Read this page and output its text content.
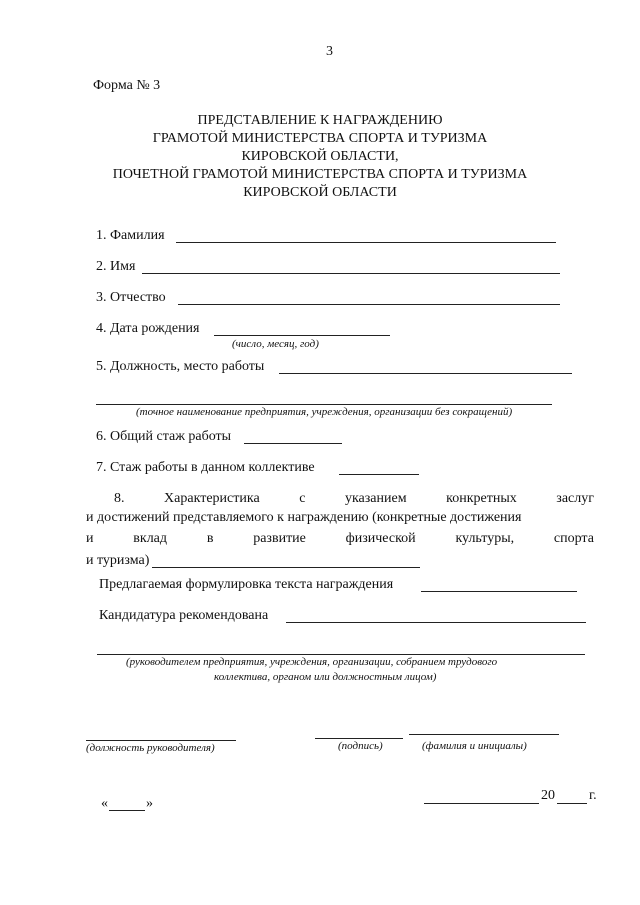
3
Форма № 3
ПРЕДСТАВЛЕНИЕ К НАГРАЖДЕНИЮ
ГРАМОТОЙ МИНИСТЕРСТВА СПОРТА И ТУРИЗМА
КИРОВСКОЙ ОБЛАСТИ,
ПОЧЕТНОЙ ГРАМОТОЙ МИНИСТЕРСТВА СПОРТА И ТУРИЗМА
КИРОВСКОЙ ОБЛАСТИ
1. Фамилия
2. Имя
3. Отчество
4. Дата рождения
(число, месяц, год)
5. Должность, место работы
(точное наименование предприятия, учреждения, организации без сокращений)
6. Общий стаж работы
7. Стаж работы в данном коллективе
8.	Характеристика	с	указанием	конкретных	заслуг
и достижений представляемого к награждению (конкретные достижения
и	вклад	в	развитие	физической	культуры,	спорта
и туризма)
Предлагаемая формулировка текста награждения
Кандидатура рекомендована
(руководителем предприятия, учреждения, организации, собранием трудового
коллектива, органом или должностным лицом)
(должность руководителя)	(подпись)	(фамилия и инициалы)
«	»
20 г.
